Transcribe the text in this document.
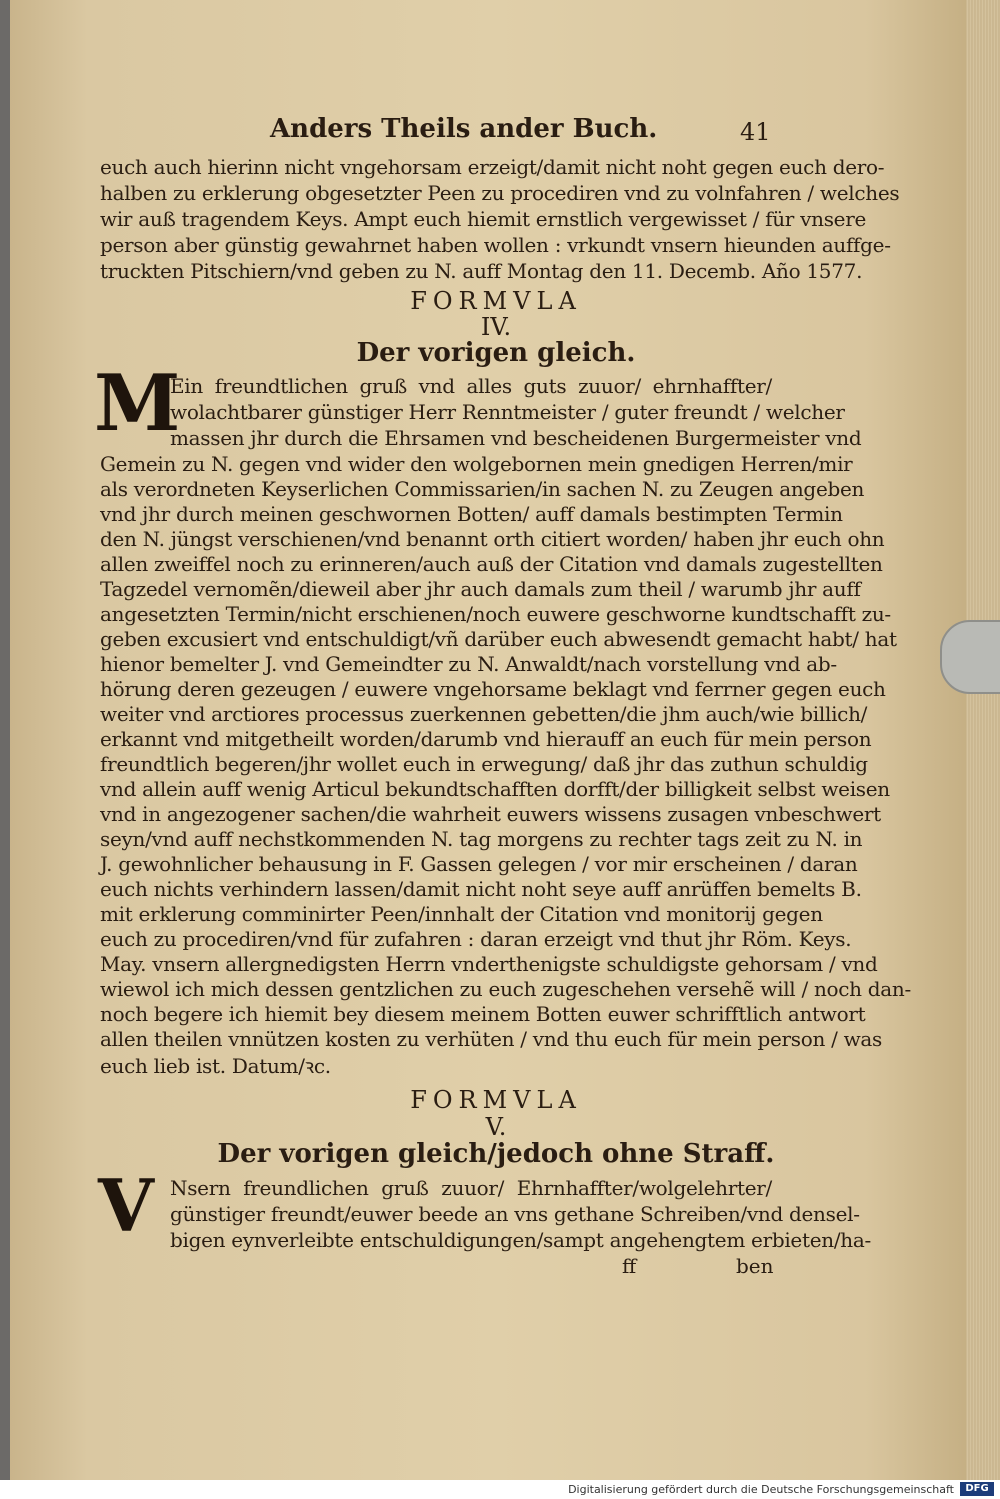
Anders Theils ander Buch.	41
euch auch hierinn nicht vngehorsam erzeigt/damit nicht noht gegen euch dero-
halben zu erklerung obgesetzter Peen zu procediren vnd zu volnfahren / welches
wir auß tragendem Keys. Ampt euch hiemit ernstlich vergewisset / für vnsere
person aber günstig gewahrnet haben wollen : vrkundt vnsern hieunden auffge-
truckten Pitschiern/vnd geben zu N. auff Montag den 11. Decemb. Año 1577.
FORMVLA
IV.
Der vorigen gleich.
M
Ein freundtlichen gruß vnd alles guts zuuor/ ehrnhaffter/
wolachtbarer günstiger Herr Renntmeister / guter freundt / welcher
massen jhr durch die Ehrsamen vnd bescheidenen Burgermeister vnd
Gemein zu N. gegen vnd wider den wolgebornen mein gnedigen Herren/mir
als verordneten Keyserlichen Commissarien/in sachen N. zu Zeugen angeben
vnd jhr durch meinen geschwornen Botten/ auff damals bestimpten Termin
den N. jüngst verschienen/vnd benannt orth citiert worden/ haben jhr euch ohn
allen zweiffel noch zu erinneren/auch auß der Citation vnd damals zugestellten
Tagzedel vernomẽn/dieweil aber jhr auch damals zum theil / warumb jhr auff
angesetzten Termin/nicht erschienen/noch euwere geschworne kundtschafft zu-
geben excusiert vnd entschuldigt/vñ darüber euch abwesendt gemacht habt/ hat
hienor bemelter J. vnd Gemeindter zu N. Anwaldt/nach vorstellung vnd ab-
hörung deren gezeugen / euwere vngehorsame beklagt vnd ferrner gegen euch
weiter vnd arctiores processus zuerkennen gebetten/die jhm auch/wie billich/
erkannt vnd mitgetheilt worden/darumb vnd hierauff an euch für mein person
freundtlich begeren/jhr wollet euch in erwegung/ daß jhr das zuthun schuldig
vnd allein auff wenig Articul bekundtschafften dorfft/der billigkeit selbst weisen
vnd in angezogener sachen/die wahrheit euwers wissens zusagen vnbeschwert
seyn/vnd auff nechstkommenden N. tag morgens zu rechter tags zeit zu N. in
J. gewohnlicher behausung in F. Gassen gelegen / vor mir erscheinen / daran
euch nichts verhindern lassen/damit nicht noht seye auff anrüffen bemelts B.
mit erklerung comminirter Peen/innhalt der Citation vnd monitorij gegen
euch zu procediren/vnd für zufahren : daran erzeigt vnd thut jhr Röm. Keys.
May. vnsern allergnedigsten Herrn vnderthenigste schuldigste gehorsam / vnd
wiewol ich mich dessen gentzlichen zu euch zugeschehen versehẽ will / noch dan-
noch begere ich hiemit bey diesem meinem Botten euwer schrifftlich antwort
allen theilen vnnützen kosten zu verhüten / vnd thu euch für mein person / was
euch lieb ist. Datum/ꝛc.
FORMVLA
V.
Der vorigen gleich/jedoch ohne Straff.
V Nsern freundlichen gruß zuuor/ Ehrnhaffter/wolgelehrter/
günstiger freundt/euwer beede an vns gethane Schreiben/vnd densel-
bigen eynverleibte entschuldigungen/sampt angehengtem erbieten/ha-
ff	ben
Digitalisierung gefördert durch die Deutsche Forschungsgemeinschaft	DFG
